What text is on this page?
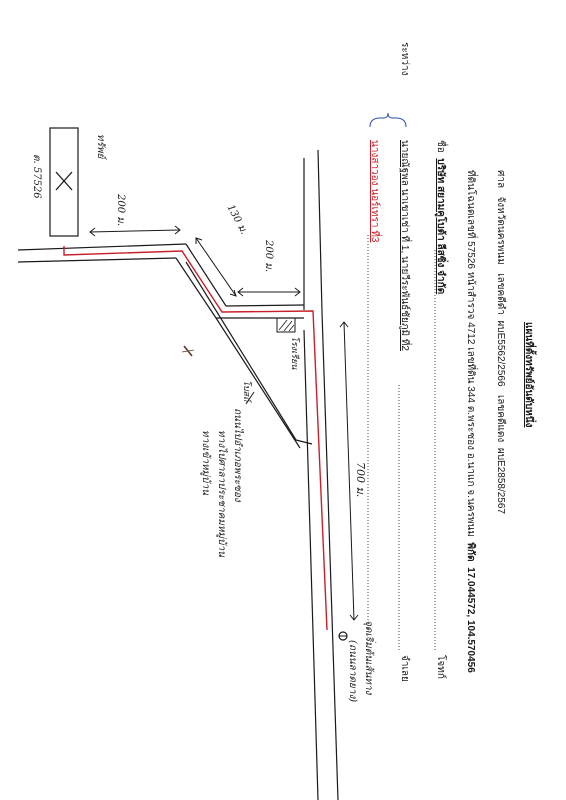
แผนที่ตั้งทรัพย์อันดับหนึ่ง
ศาล   จังหวัดนครพนม   เลขคดีดำ  ผบE5562/2566   เลขคดีแดง  ผบE2858/2567
ที่ดินโฉนดเลขที่ 57526 หน้าสำรวจ 4712 เลขที่ดิน 344 ต.พระซอง อ.นาแก จ.นครพนม  พิกัด  17.044572, 104.570456
ชื่อ  บริษัท สยามคูโบต้า ลีสซิ่ง จำกัด
โจทก์
นายณัฐพล นาเขาเช่า ที่ 1, นายวีระพันธ์ชัยภูมิ ที่2
จำเลย
นางสาวอง นอร์เทรา ที่3
ระหว่าง
200 ม.	130 ม.
200 ม.
700 ม.
ทรัพย์
ต. 57526
โรงเรียน
โบสถ์
ถนนไปอำเภอพระซอง
ทางไปศาลาประชาคมหมู่บ้าน
ทางเข้าหมู่บ้าน
จุดเริ่มต้นเส้นทาง
(ถนนลาดยาง)
